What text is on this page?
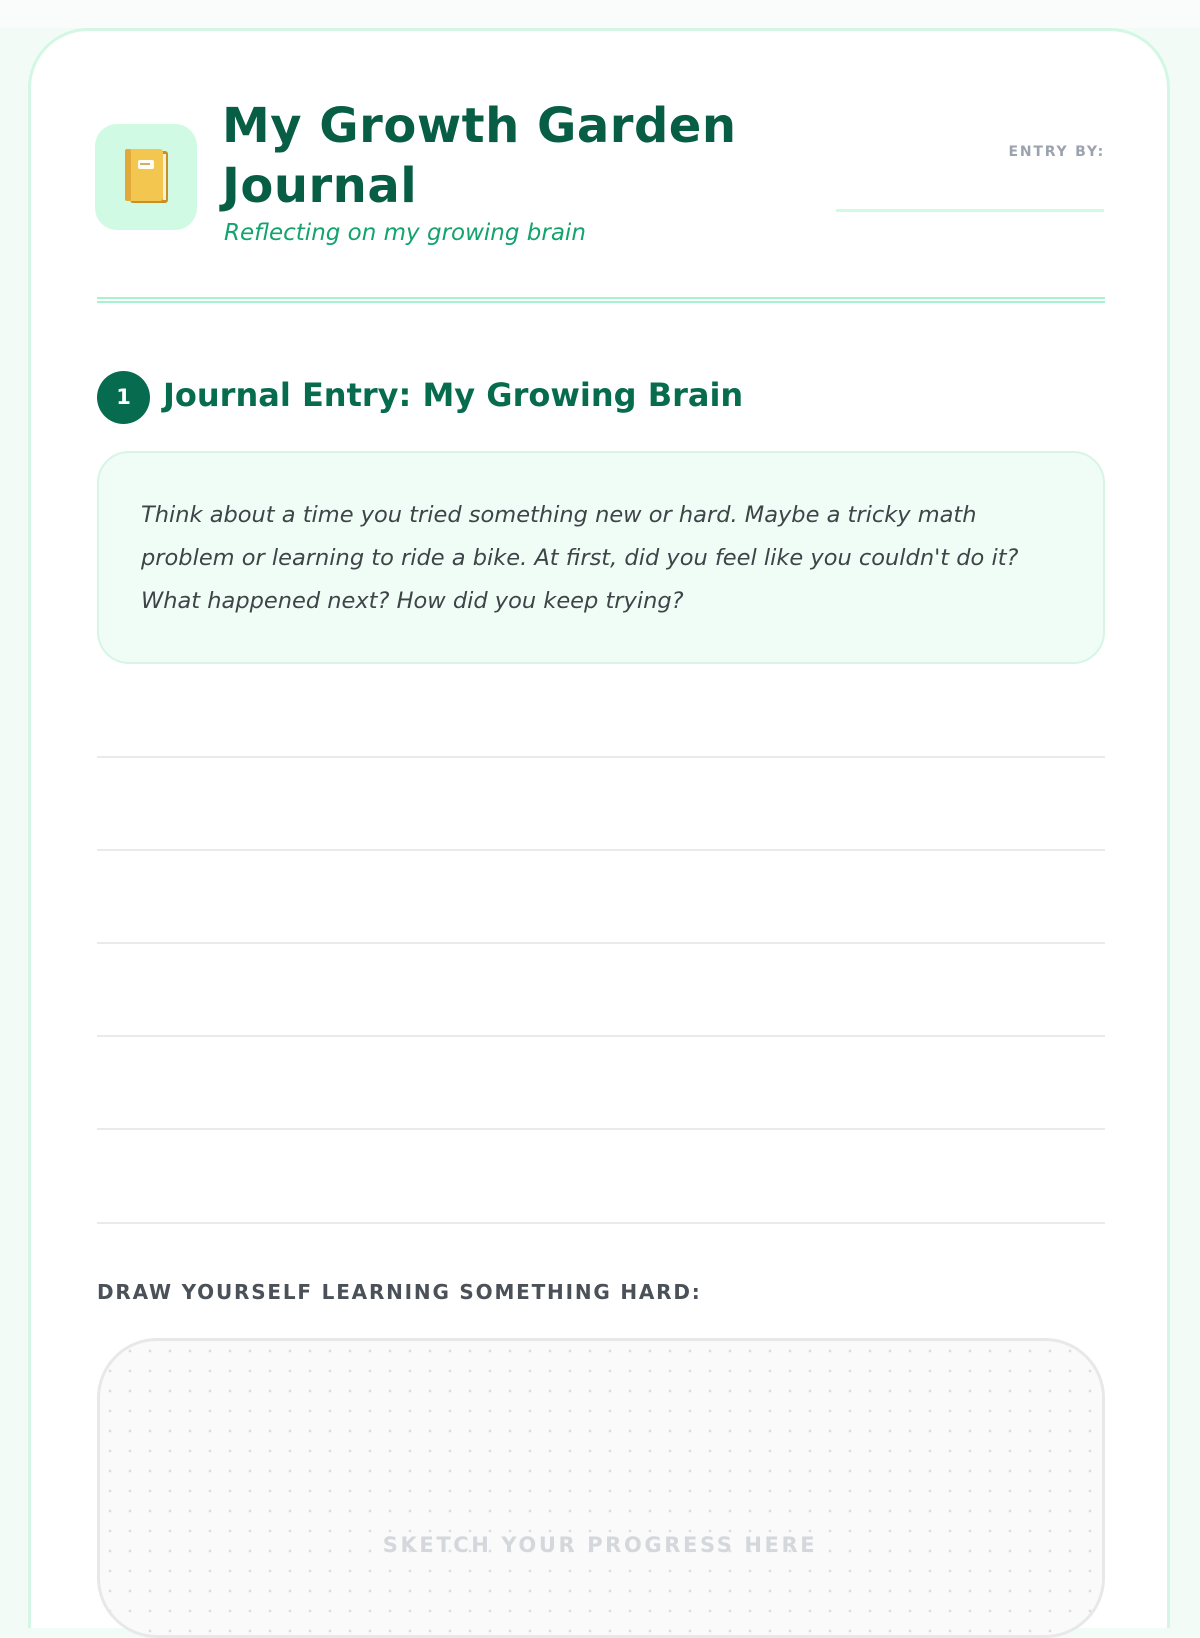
My Growth Garden Journal
Reflecting on my growing brain
ENTRY BY:
1	Journal Entry: My Growing Brain

Think about a time you tried something new or hard. Maybe a tricky math problem or learning to ride a bike. At first, did you feel like you couldn't do it? What happened next? How did you keep trying?

DRAW YOURSELF LEARNING SOMETHING HARD:
SKETCH YOUR PROGRESS HERE
